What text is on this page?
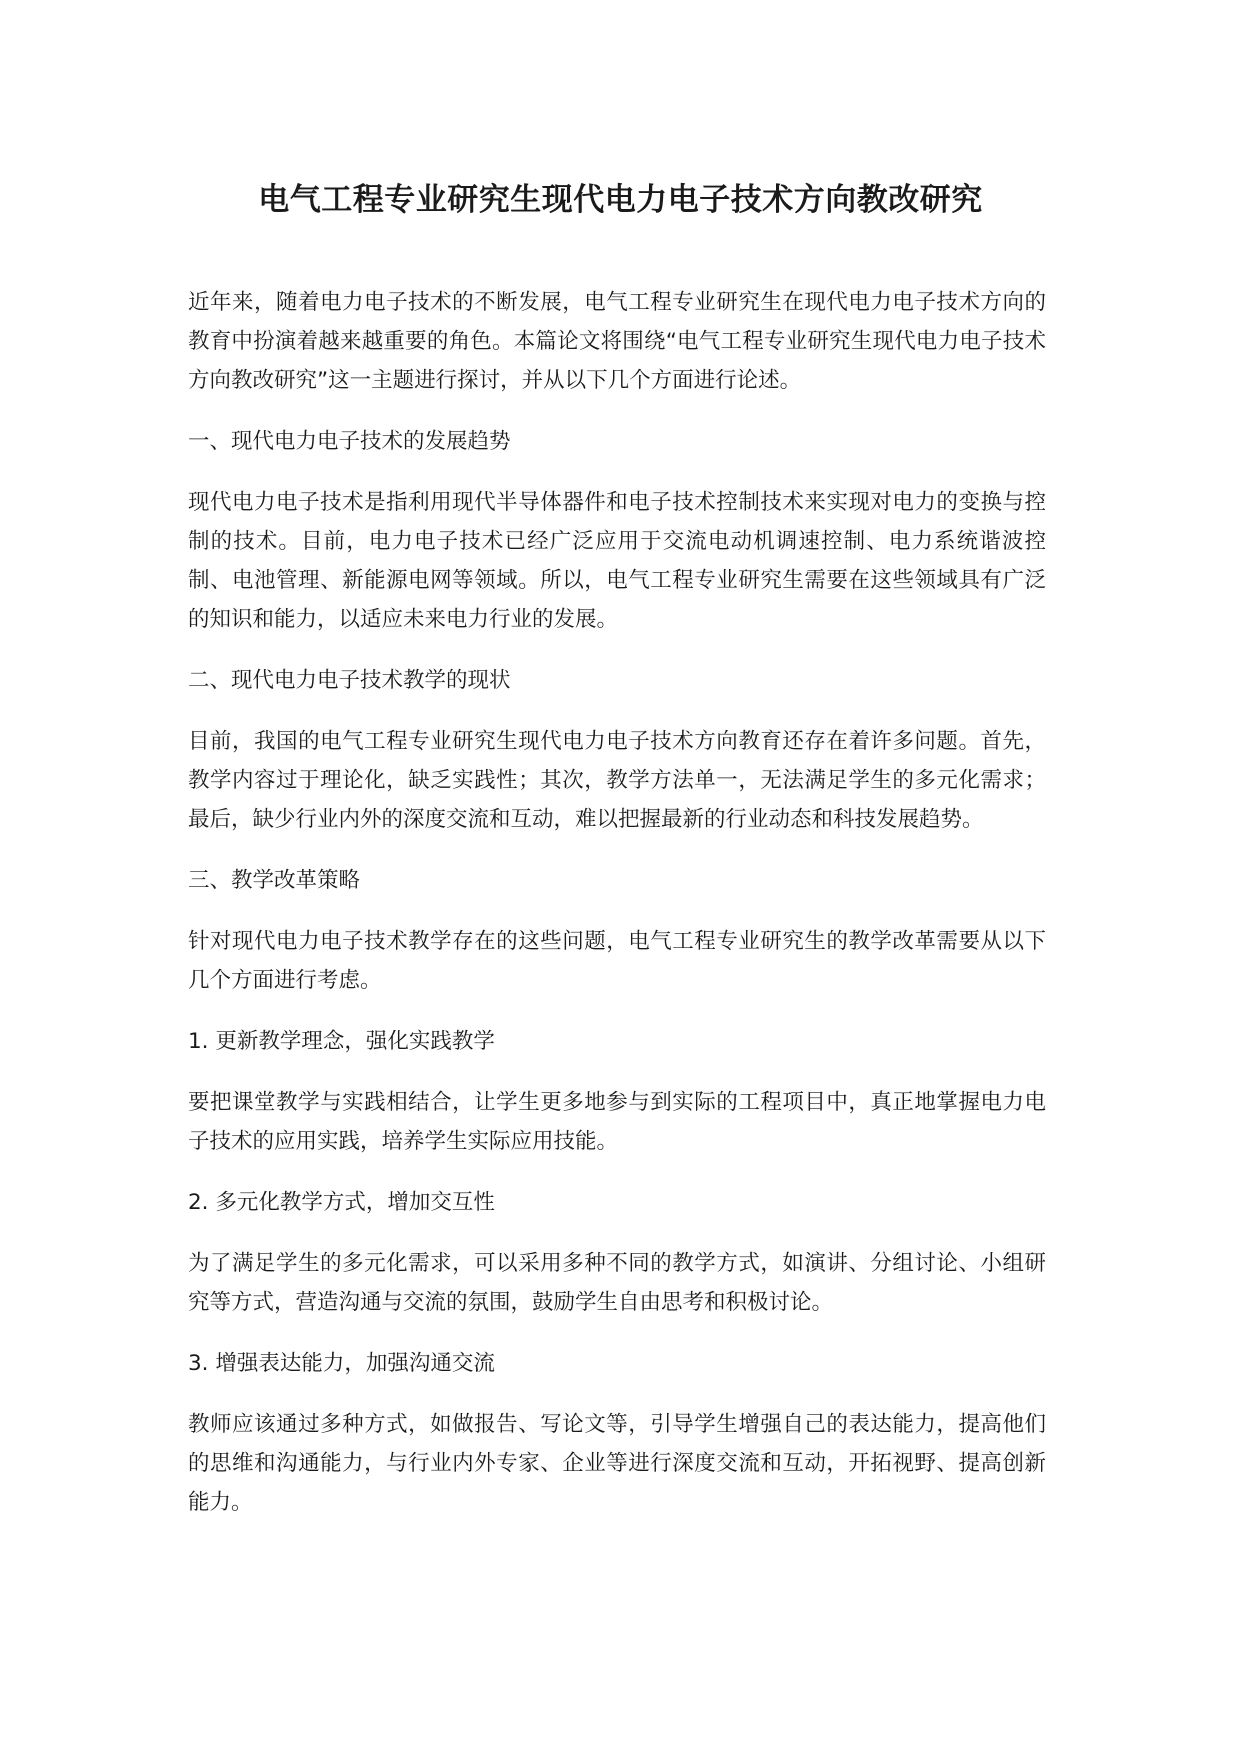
电气工程专业研究生现代电力电子技术方向教改研究

近年来，随着电力电子技术的不断发展，电气工程专业研究生在现代电力电子技术方向的教育中扮演着越来越重要的角色。本篇论文将围绕“电气工程专业研究生现代电力电子技术方向教改研究”这一主题进行探讨，并从以下几个方面进行论述。

一、现代电力电子技术的发展趋势

现代电力电子技术是指利用现代半导体器件和电子技术控制技术来实现对电力的变换与控制的技术。目前，电力电子技术已经广泛应用于交流电动机调速控制、电力系统谐波控制、电池管理、新能源电网等领域。所以，电气工程专业研究生需要在这些领域具有广泛的知识和能力，以适应未来电力行业的发展。

二、现代电力电子技术教学的现状

目前，我国的电气工程专业研究生现代电力电子技术方向教育还存在着许多问题。首先，教学内容过于理论化，缺乏实践性；其次，教学方法单一，无法满足学生的多元化需求；最后，缺少行业内外的深度交流和互动，难以把握最新的行业动态和科技发展趋势。

三、教学改革策略

针对现代电力电子技术教学存在的这些问题，电气工程专业研究生的教学改革需要从以下几个方面进行考虑。

1. 更新教学理念，强化实践教学

要把课堂教学与实践相结合，让学生更多地参与到实际的工程项目中，真正地掌握电力电子技术的应用实践，培养学生实际应用技能。

2. 多元化教学方式，增加交互性

为了满足学生的多元化需求，可以采用多种不同的教学方式，如演讲、分组讨论、小组研究等方式，营造沟通与交流的氛围，鼓励学生自由思考和积极讨论。

3. 增强表达能力，加强沟通交流

教师应该通过多种方式，如做报告、写论文等，引导学生增强自己的表达能力，提高他们的思维和沟通能力，与行业内外专家、企业等进行深度交流和互动，开拓视野、提高创新能力。
